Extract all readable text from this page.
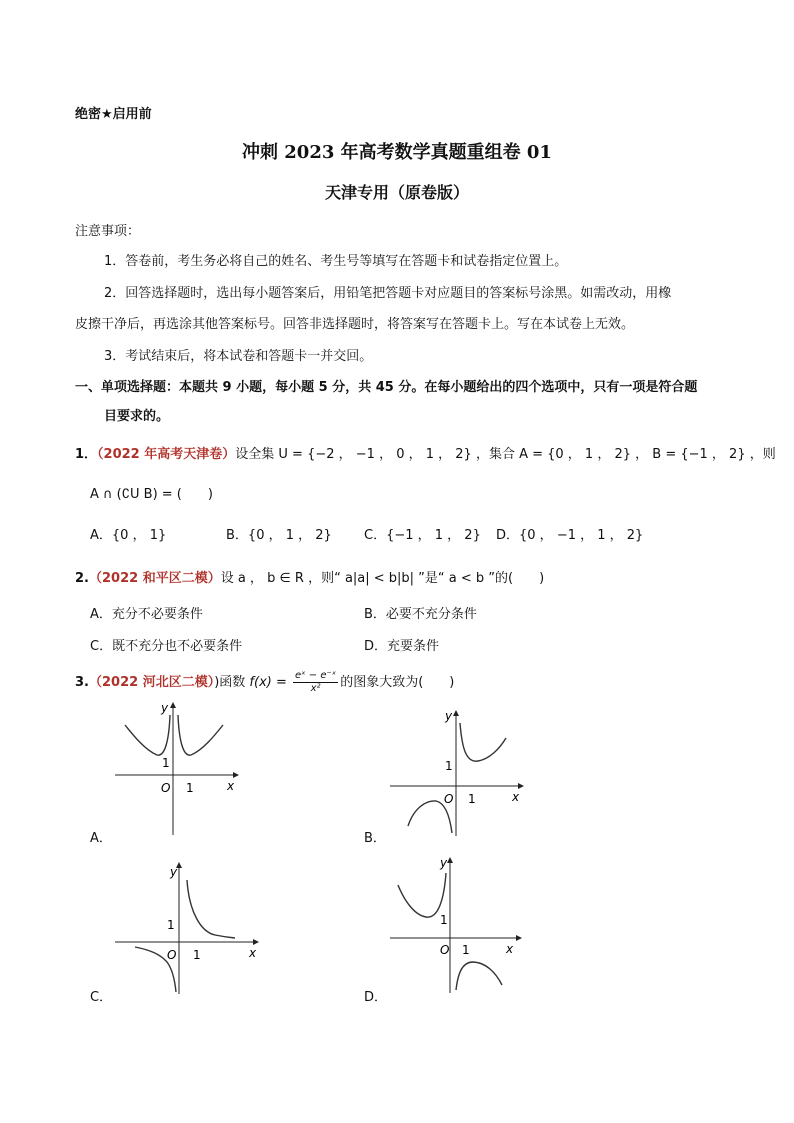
绝密★启用前
冲刺 2023 年高考数学真题重组卷 01
天津专用（原卷版）
注意事项：
1．答卷前，考生务必将自己的姓名、考生号等填写在答题卡和试卷指定位置上。
2．回答选择题时，选出每小题答案后，用铅笔把答题卡对应题目的答案标号涂黑。如需改动，用橡
皮擦干净后，再选涂其他答案标号。回答非选择题时，将答案写在答题卡上。写在本试卷上无效。
3．考试结束后，将本试卷和答题卡一并交回。
一、单项选择题：本题共 9 小题，每小题 5 分，共 45 分。在每小题给出的四个选项中，只有一项是符合题
目要求的。
1．（2022 年高考天津卷）设全集 U = {−2 ， −1 ， 0 ， 1 ， 2} ，集合 A = {0 ， 1 ， 2} ， B = {−1 ， 2} ，则
A ∩ (∁U B) = (　　)
A．{0 ， 1}	B．{0 ， 1 ， 2} C．{−1 ， 1 ， 2} D．{0 ， −1 ， 1 ， 2}
2.（2022 和平区二模）设 a ， b ∈ R ，则“ a|a| < b|b| ”是“ a < b ”的(　　)
A．充分不必要条件	B．必要不充分条件
C．既不充分也不必要条件	D．充要条件
3.（2022 河北区二模）)函数 $f(x) = \frac{\text{eˣ − e⁻ˣ}}{\text{x²}}$ 的图象大致为(　　)
1
O 1	x
y
A．
1
O 1	x
y
B．
1
O 1	x
y
C．
1
O 1	x
y
D．
